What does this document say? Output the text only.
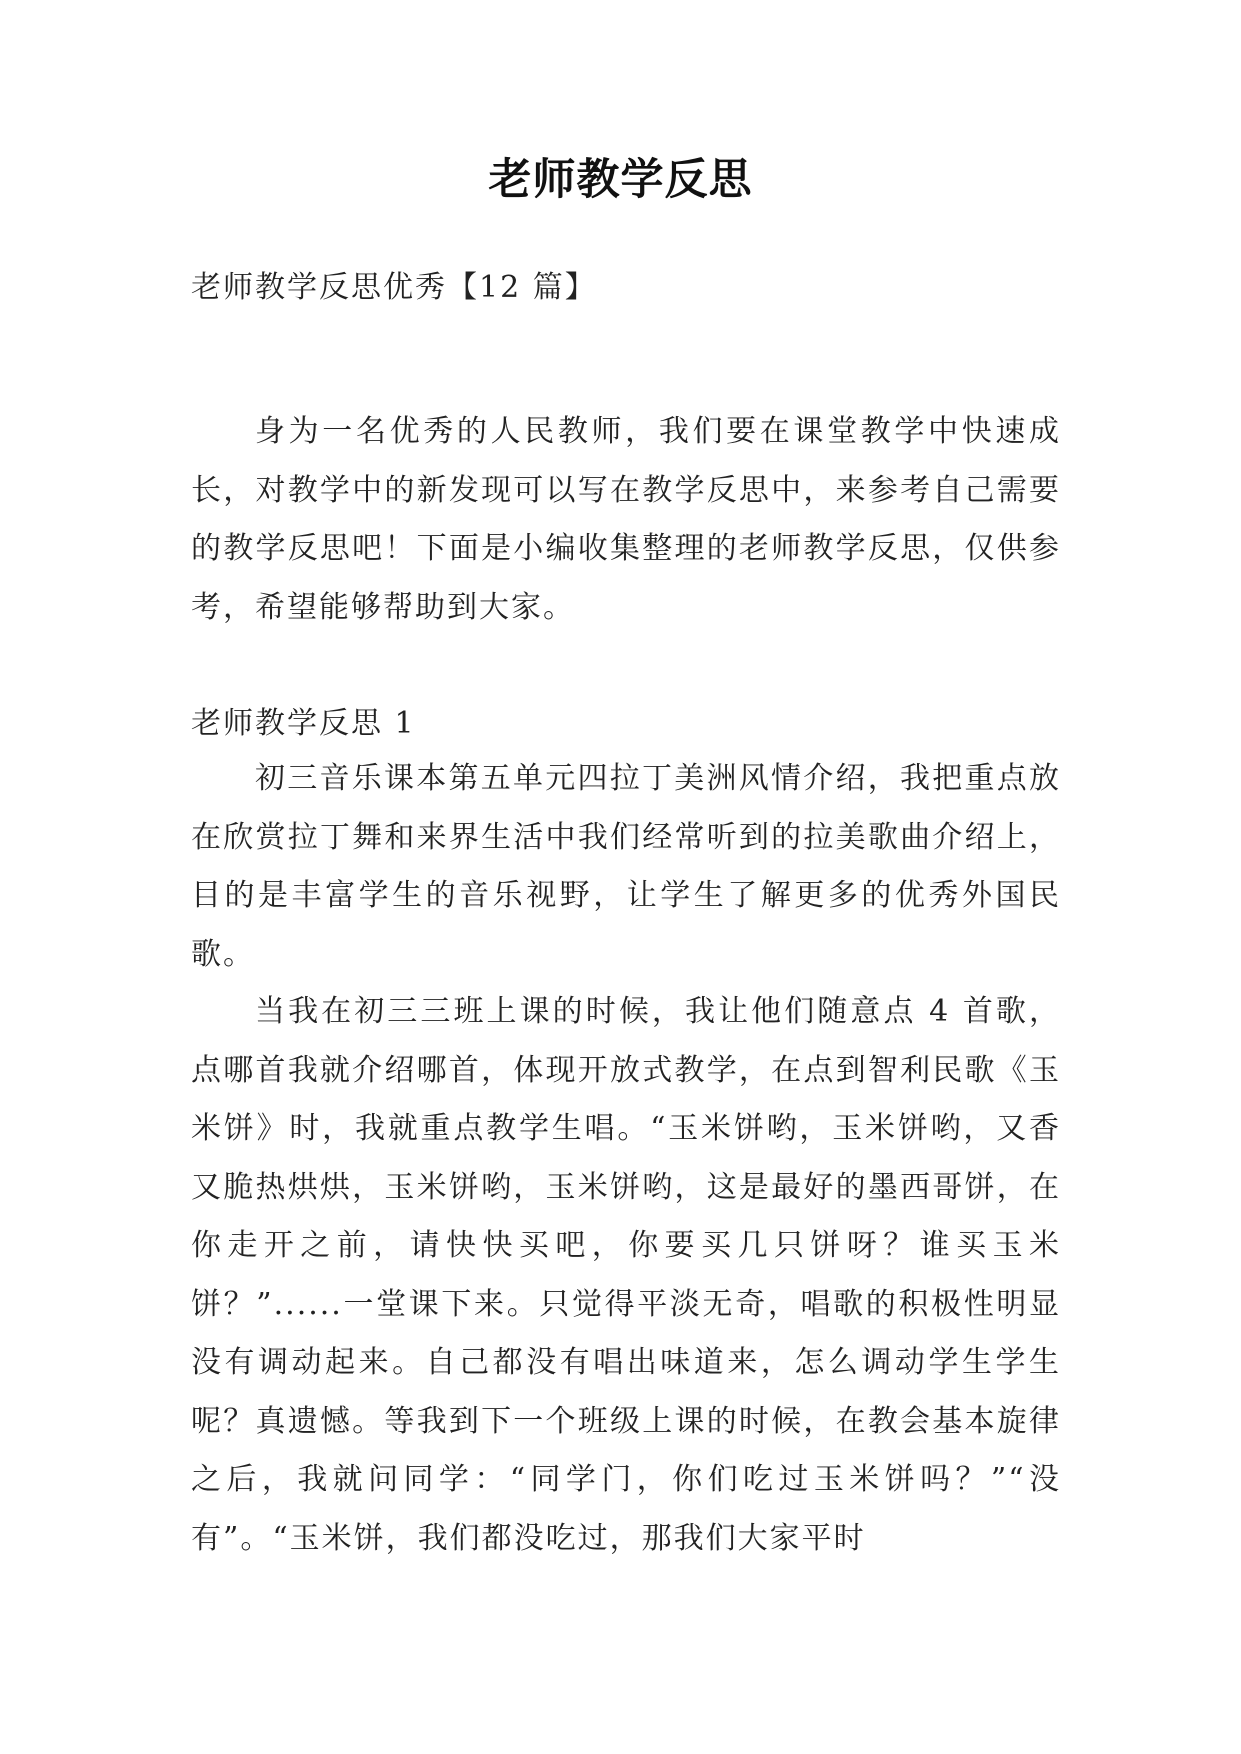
老师教学反思
老师教学反思优秀【12 篇】
身为一名优秀的人民教师，我们要在课堂教学中快速成长，对教学中的新发现可以写在教学反思中，来参考自己需要的教学反思吧！下面是小编收集整理的老师教学反思，仅供参考，希望能够帮助到大家。
老师教学反思 1
初三音乐课本第五单元四拉丁美洲风情介绍，我把重点放在欣赏拉丁舞和来界生活中我们经常听到的拉美歌曲介绍上，目的是丰富学生的音乐视野，让学生了解更多的优秀外国民歌。
当我在初三三班上课的时候，我让他们随意点 4 首歌，点哪首我就介绍哪首，体现开放式教学，在点到智利民歌《玉米饼》时，我就重点教学生唱。“玉米饼哟，玉米饼哟，又香又脆热烘烘，玉米饼哟，玉米饼哟，这是最好的墨西哥饼，在你走开之前，请快快买吧，你要买几只饼呀？谁买玉米饼？”......一堂课下来。只觉得平淡无奇，唱歌的积极性明显没有调动起来。自己都没有唱出味道来，怎么调动学生学生呢？真遗憾。等我到下一个班级上课的时候，在教会基本旋律之后，我就问同学：“同学门，你们吃过玉米饼吗？”“没有”。“玉米饼，我们都没吃过，那我们大家平时
